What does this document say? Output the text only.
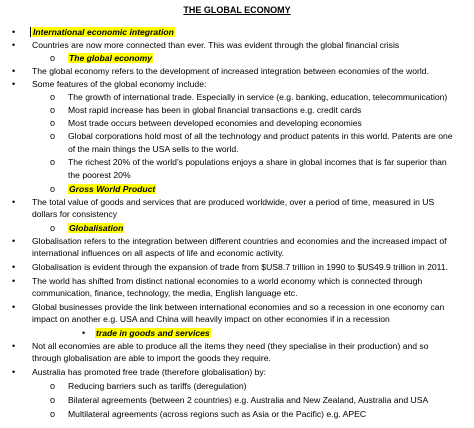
THE GLOBAL ECONOMY
• International economic integration
• Countries are now more connected than ever. This was evident through the global financial crisis
o The global economy
• The global economy refers to the development of increased integration between economies of the world.
• Some features of the global economy include:
o The growth of international trade. Especially in service (e.g. banking, education, telecommunication)
o Most rapid increase has been in global financial transactions e.g. credit cards
o Most trade occurs between developed economies and developing economies
o Global corporations hold most of all the technology and product patents in this world. Patents are one
of the main things the USA sells to the world.
o The richest 20% of the world’s populations enjoys a share in global incomes that is far superior than
the poorest 20%
o Gross World Product
• The total value of goods and services that are produced worldwide, over a period of time, measured in US
dollars for consistency
o Globalisation
• Globalisation refers to the integration between different countries and economies and the increased impact of
international influences on all aspects of life and economic activity.
• Globalisation is evident through the expansion of trade from $US8.7 trillion in 1990 to $US49.9 trillion in 2011.
• The world has shifted from distinct national economies to a world economy which is connected through
communication, finance, technology, the media, English language etc.
• Global businesses provide the link between international economies and so a recession in one economy can
impact on another e.g. USA and China will heavily impact on other economies if in a recession
• trade in goods and services
• Not all economies are able to produce all the items they need (they specialise in their production) and so
through globalisation are able to import the goods they require.
• Australia has promoted free trade (therefore globalisation) by:
o Reducing barriers such as tariffs (deregulation)
o Bilateral agreements (between 2 countries) e.g. Australia and New Zealand, Australia and USA
o Multilateral agreements (across regions such as Asia or the Pacific) e.g. APEC
